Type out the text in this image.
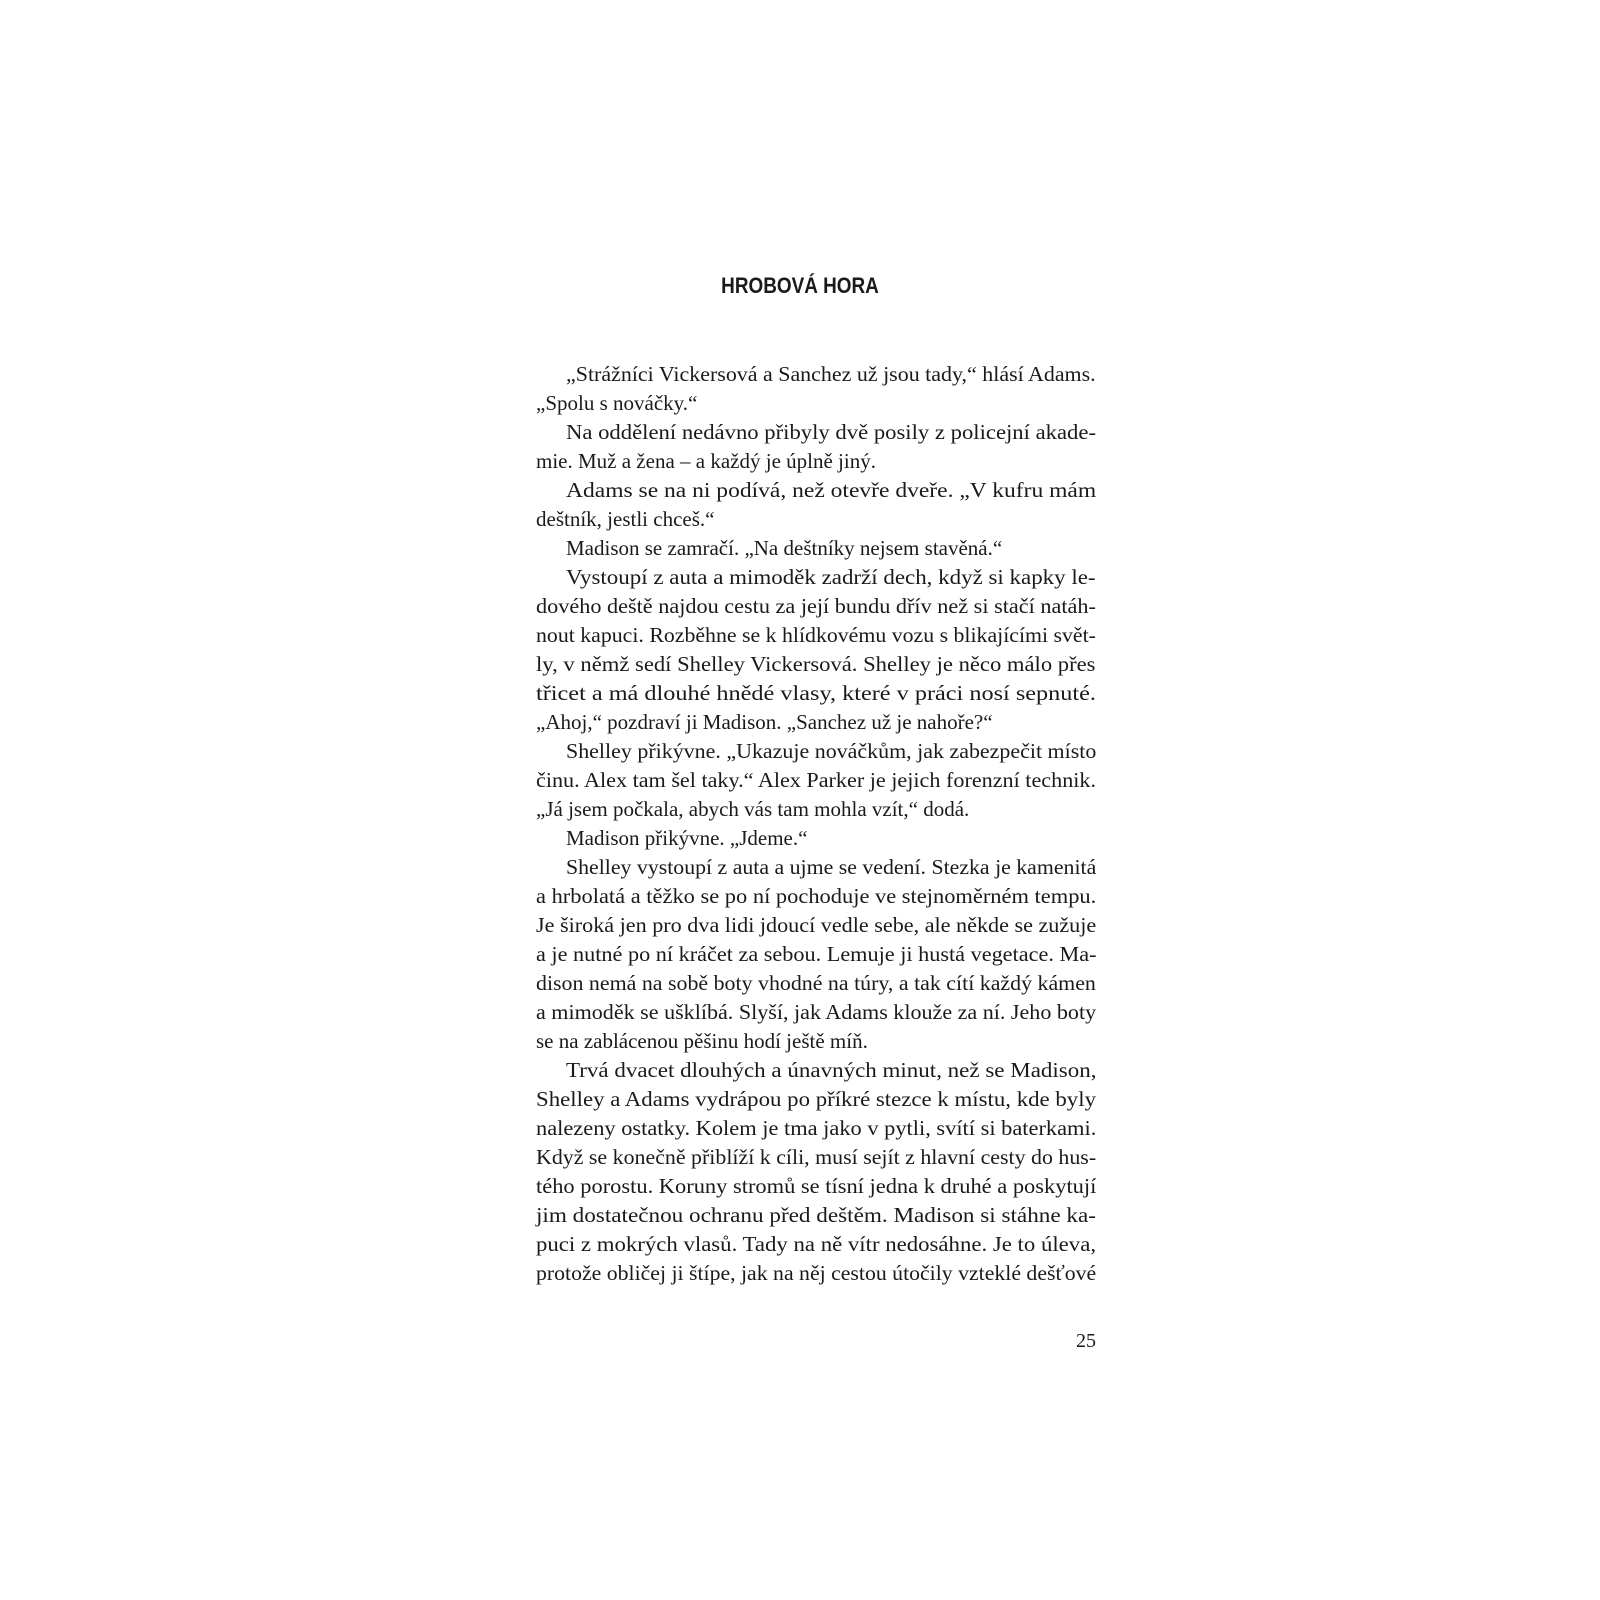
HROBOVÁ HORA
„Strážníci Vickersová a Sanchez už jsou tady,“ hlásí Adams.
„Spolu s nováčky.“
Na oddělení nedávno přibyly dvě posily z policejní akade-
mie. Muž a žena – a každý je úplně jiný.
Adams se na ni podívá, než otevře dveře. „V kufru mám
deštník, jestli chceš.“
Madison se zamračí. „Na deštníky nejsem stavěná.“
Vystoupí z auta a mimoděk zadrží dech, když si kapky le-
dového deště najdou cestu za její bundu dřív než si stačí natáh-
nout kapuci. Rozběhne se k hlídkovému vozu s blikajícími svět-
ly, v němž sedí Shelley Vickersová. Shelley je něco málo přes
třicet a má dlouhé hnědé vlasy, které v práci nosí sepnuté.
„Ahoj,“ pozdraví ji Madison. „Sanchez už je nahoře?“
Shelley přikývne. „Ukazuje nováčkům, jak zabezpečit místo
činu. Alex tam šel taky.“ Alex Parker je jejich forenzní technik.
„Já jsem počkala, abych vás tam mohla vzít,“ dodá.
Madison přikývne. „Jdeme.“
Shelley vystoupí z auta a ujme se vedení. Stezka je kamenitá
a hrbolatá a těžko se po ní pochoduje ve stejnoměrném tempu.
Je široká jen pro dva lidi jdoucí vedle sebe, ale někde se zužuje
a je nutné po ní kráčet za sebou. Lemuje ji hustá vegetace. Ma-
dison nemá na sobě boty vhodné na túry, a tak cítí každý kámen
a mimoděk se ušklíbá. Slyší, jak Adams klouže za ní. Jeho boty
se na zablácenou pěšinu hodí ještě míň.
Trvá dvacet dlouhých a únavných minut, než se Madison,
Shelley a Adams vydrápou po příkré stezce k místu, kde byly
nalezeny ostatky. Kolem je tma jako v pytli, svítí si baterkami.
Když se konečně přiblíží k cíli, musí sejít z hlavní cesty do hus-
tého porostu. Koruny stromů se tísní jedna k druhé a poskytují
jim dostatečnou ochranu před deštěm. Madison si stáhne ka-
puci z mokrých vlasů. Tady na ně vítr nedosáhne. Je to úleva,
protože obličej ji štípe, jak na něj cestou útočily vzteklé dešťové
25
